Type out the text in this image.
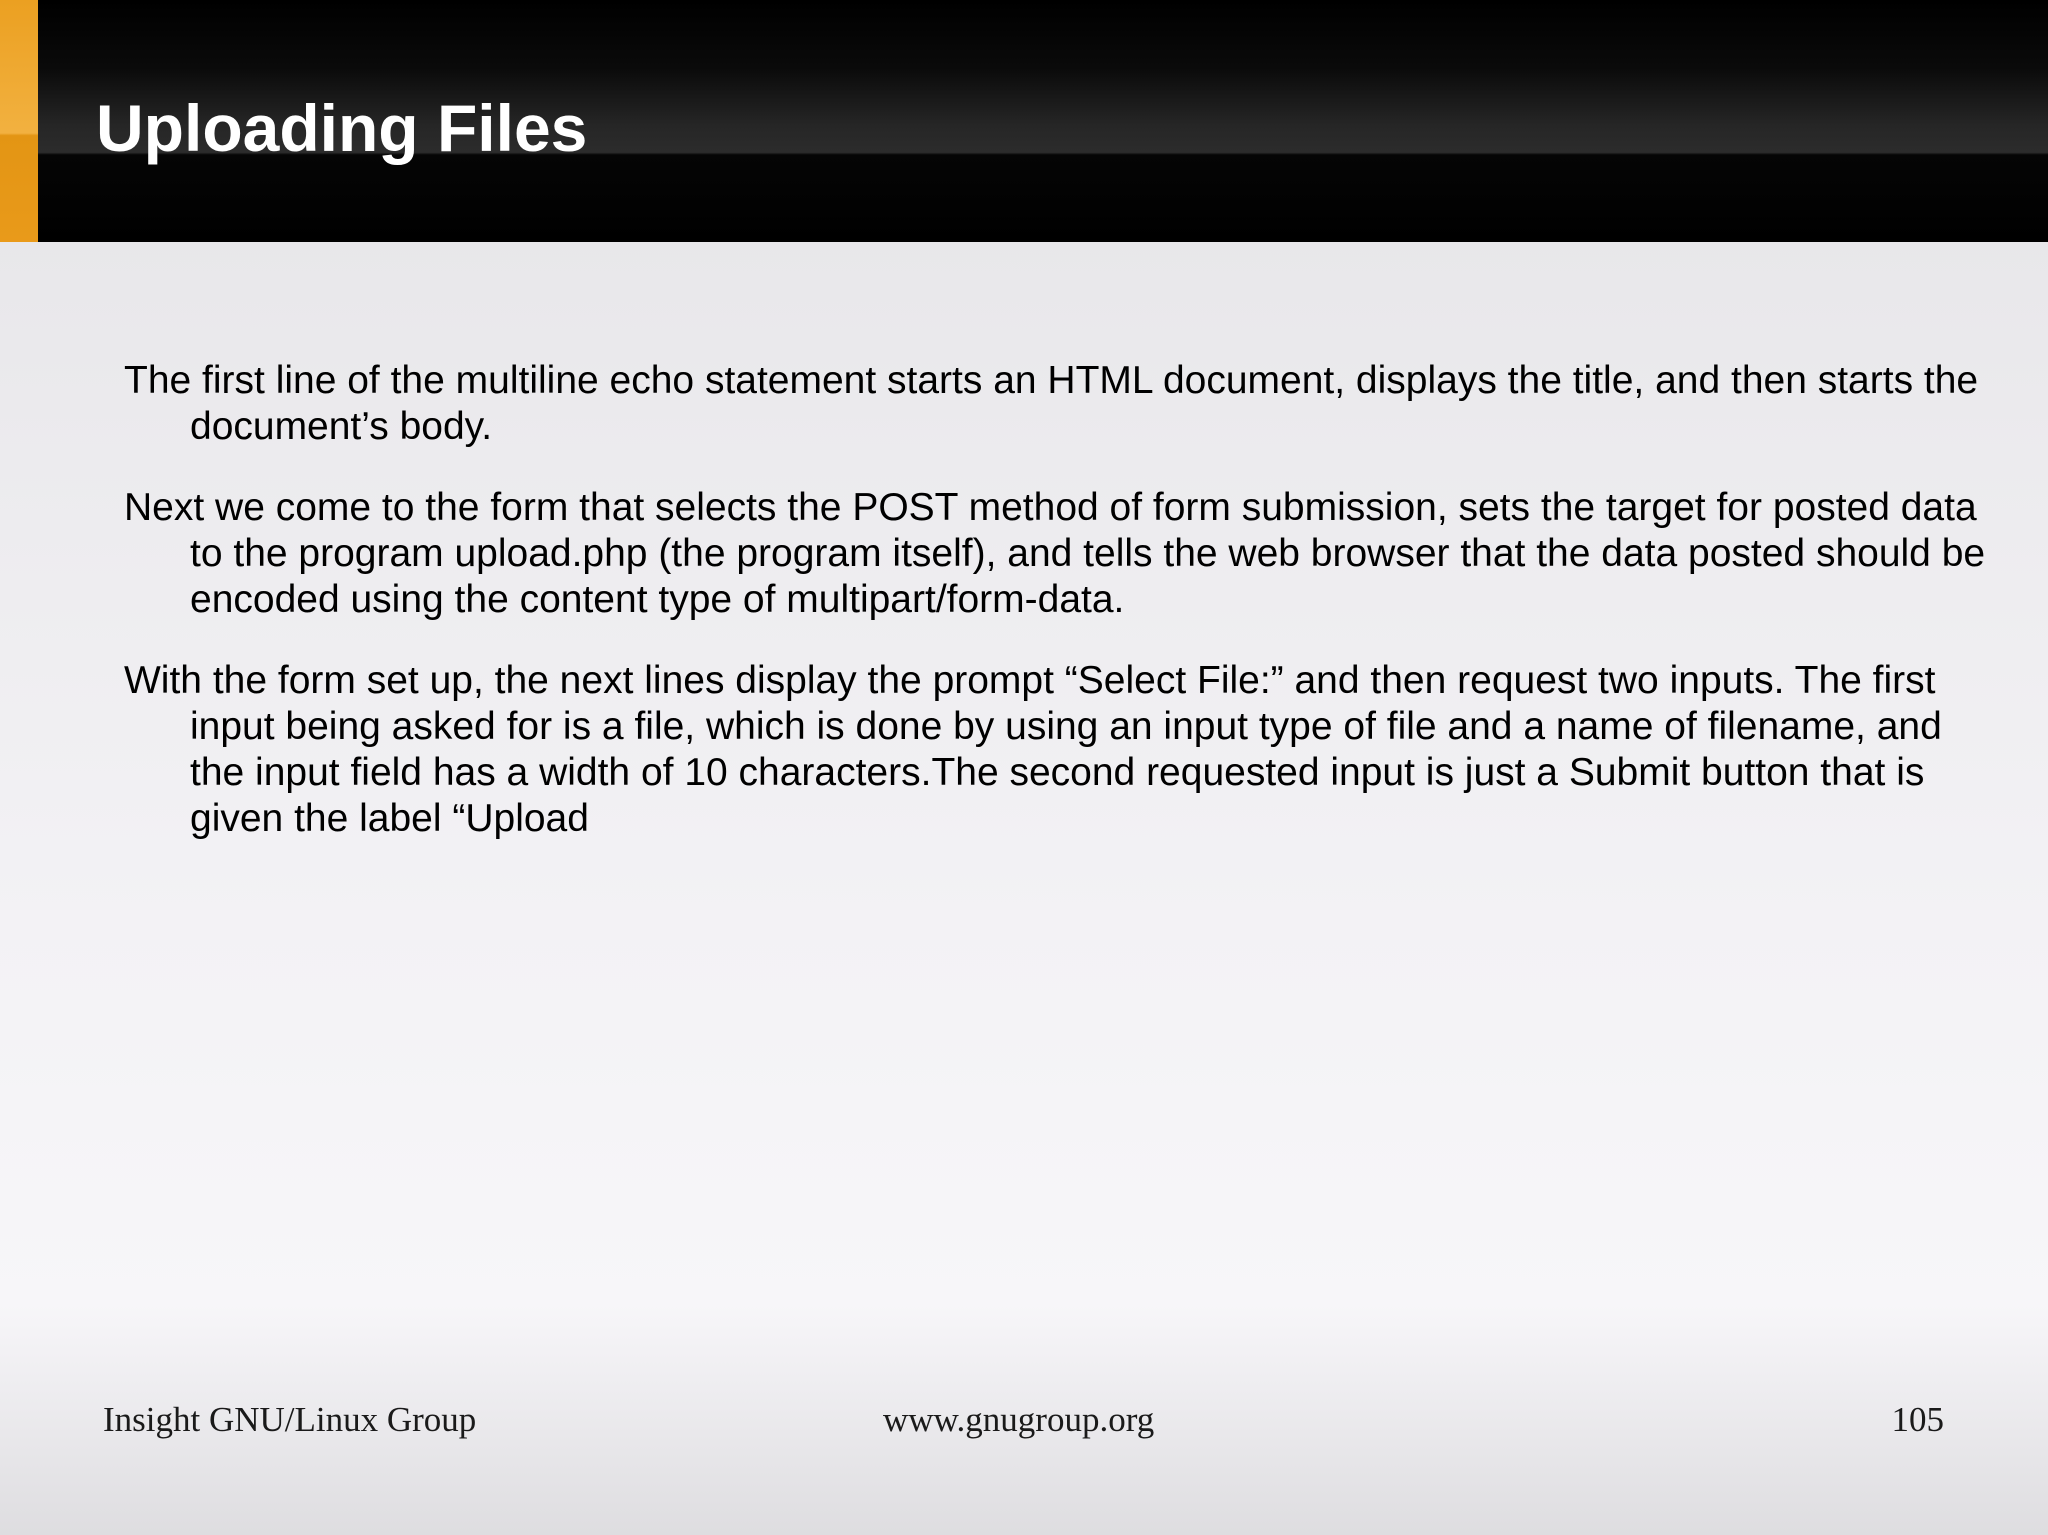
Uploading Files

The first line of the multiline echo statement starts an HTML document, displays the title, and then starts the document’s body.

Next we come to the form that selects the POST method of form submission, sets the target for posted data to the program upload.php (the program itself), and tells the web browser that the data posted should be encoded using the content type of multipart/form-data.

With the form set up, the next lines display the prompt “Select File:” and then request two inputs. The first input being asked for is a file, which is done by using an input type of file and a name of filename, and the input field has a width of 10 characters.The second requested input is just a Submit button that is given the label “Upload

Insight GNU/Linux Group	www.gnugroup.org	105
